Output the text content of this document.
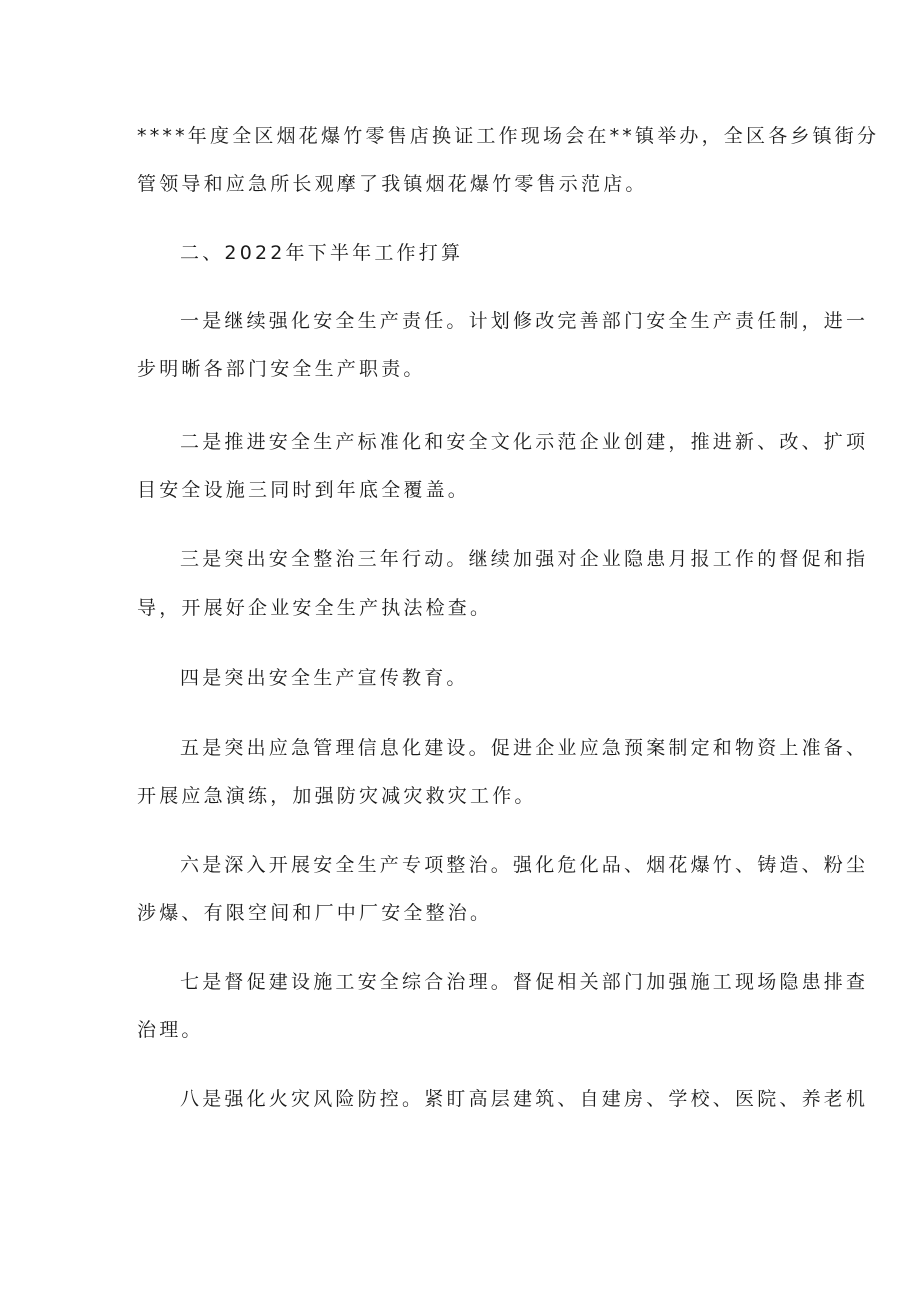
****年度全区烟花爆竹零售店换证工作现场会在**镇举办，全区各乡镇街分
管领导和应急所长观摩了我镇烟花爆竹零售示范店。
二、2022年下半年工作打算
一是继续强化安全生产责任。计划修改完善部门安全生产责任制，进一
步明晰各部门安全生产职责。
二是推进安全生产标准化和安全文化示范企业创建，推进新、改、扩项
目安全设施三同时到年底全覆盖。
三是突出安全整治三年行动。继续加强对企业隐患月报工作的督促和指
导，开展好企业安全生产执法检查。
四是突出安全生产宣传教育。
五是突出应急管理信息化建设。促进企业应急预案制定和物资上准备、
开展应急演练，加强防灾减灾救灾工作。
六是深入开展安全生产专项整治。强化危化品、烟花爆竹、铸造、粉尘
涉爆、有限空间和厂中厂安全整治。
七是督促建设施工安全综合治理。督促相关部门加强施工现场隐患排查
治理。
八是强化火灾风险防控。紧盯高层建筑、自建房、学校、医院、养老机
